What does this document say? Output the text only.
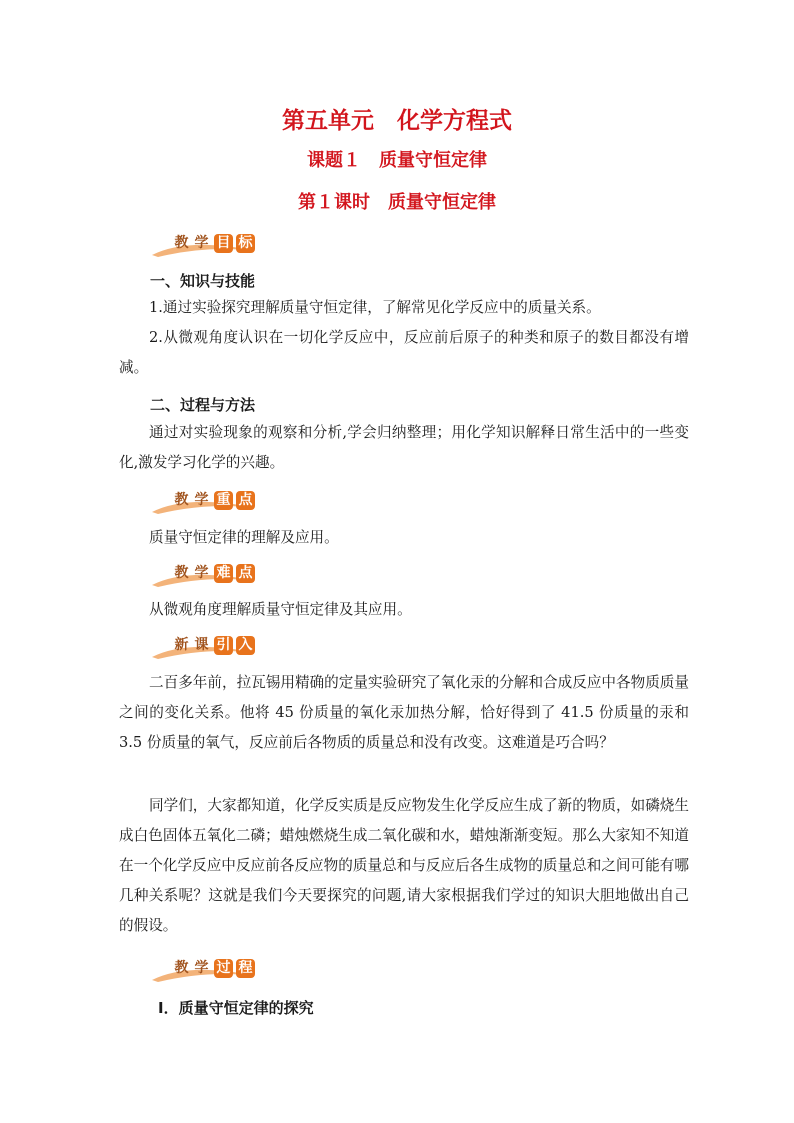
第五单元　化学方程式
课题１　质量守恒定律
第１课时　质量守恒定律
教 学 目 标
一、知识与技能
1.通过实验探究理解质量守恒定律，了解常见化学反应中的质量关系。
2.从微观角度认识在一切化学反应中，反应前后原子的种类和原子的数目都没有增减。
二、过程与方法
通过对实验现象的观察和分析,学会归纳整理；用化学知识解释日常生活中的一些变化,激发学习化学的兴趣。
教 学 重 点
质量守恒定律的理解及应用。
教 学 难 点
从微观角度理解质量守恒定律及其应用。
新 课 引 入
二百多年前，拉瓦锡用精确的定量实验研究了氧化汞的分解和合成反应中各物质质量之间的变化关系。他将 45 份质量的氧化汞加热分解，恰好得到了 41.5 份质量的汞和 3.5 份质量的氧气，反应前后各物质的质量总和没有改变。这难道是巧合吗？
同学们，大家都知道，化学反实质是反应物发生化学反应生成了新的物质，如磷烧生成白色固体五氧化二磷；蜡烛燃烧生成二氧化碳和水，蜡烛渐渐变短。那么大家知不知道在一个化学反应中反应前各反应物的质量总和与反应后各生成物的质量总和之间可能有哪几种关系呢？这就是我们今天要探究的问题,请大家根据我们学过的知识大胆地做出自己的假设。
教 学 过 程
Ⅰ．质量守恒定律的探究
